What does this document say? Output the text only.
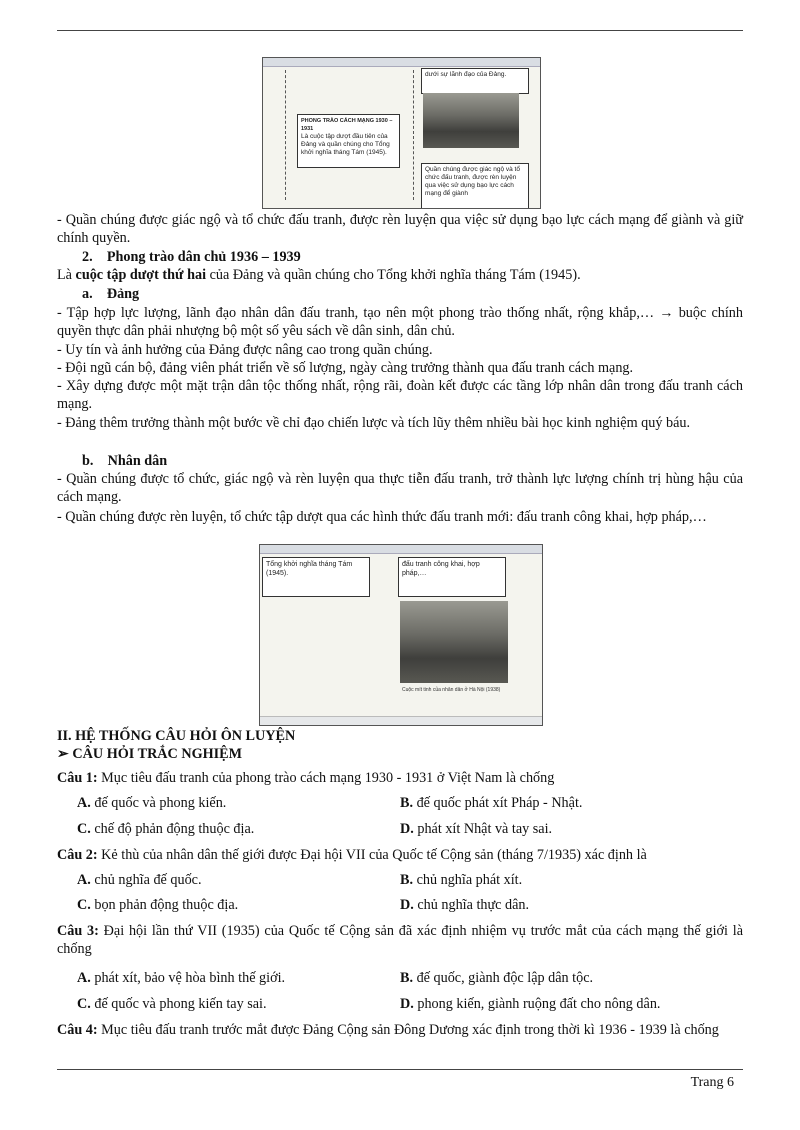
PHONG TRÀO CÁCH MẠNG 1930 – 1931
Là cuộc tập dượt đầu tiên của Đảng và quần chúng cho Tổng khởi nghĩa tháng Tám (1945).
dưới sự lãnh đạo của Đảng.
Quần chúng được giác ngộ và tổ chức đấu tranh, được rèn luyện qua việc sử dụng bạo lực cách mạng để giành
- Quần chúng được giác ngộ và tổ chức đấu tranh, được rèn luyện qua việc sử dụng bạo lực cách mạng để giành và giữ chính quyền.
2. Phong trào dân chủ 1936 – 1939
Là cuộc tập dượt thứ hai của Đảng và quần chúng cho Tổng khởi nghĩa tháng Tám (1945).
a. Đảng
- Tập hợp lực lượng, lãnh đạo nhân dân đấu tranh, tạo nên một phong trào thống nhất, rộng khắp,… → buộc chính quyền thực dân phải nhượng bộ một số yêu sách về dân sinh, dân chủ.
- Uy tín và ảnh hưởng của Đảng được nâng cao trong quần chúng.
- Đội ngũ cán bộ, đảng viên phát triển về số lượng, ngày càng trưởng thành qua đấu tranh cách mạng.
- Xây dựng được một mặt trận dân tộc thống nhất, rộng rãi, đoàn kết được các tầng lớp nhân dân trong đấu tranh cách mạng.
- Đảng thêm trưởng thành một bước về chỉ đạo chiến lược và tích lũy thêm nhiều bài học kinh nghiệm quý báu.
b. Nhân dân
- Quần chúng được tổ chức, giác ngộ và rèn luyện qua thực tiễn đấu tranh, trở thành lực lượng chính trị hùng hậu của cách mạng.
- Quần chúng được rèn luyện, tổ chức tập dượt qua các hình thức đấu tranh mới: đấu tranh công khai, hợp pháp,…
Tổng khởi nghĩa tháng Tám (1945).
đấu tranh công khai, hợp pháp,…
Cuộc mít tinh của nhân dân ở Hà Nội (1938)
II. HỆ THỐNG CÂU HỎI ÔN LUYỆN
➢ CÂU HỎI TRẮC NGHIỆM
Câu 1: Mục tiêu đấu tranh của phong trào cách mạng 1930 - 1931 ở Việt Nam là chống
A. đế quốc và phong kiến.	B. đế quốc phát xít Pháp - Nhật.
C. chế độ phản động thuộc địa.	D. phát xít Nhật và tay sai.
Câu 2: Kẻ thù của nhân dân thế giới được Đại hội VII của Quốc tế Cộng sản (tháng 7/1935) xác định là
A. chủ nghĩa đế quốc.	B. chủ nghĩa phát xít.
C. bọn phản động thuộc địa.	D. chủ nghĩa thực dân.
Câu 3: Đại hội lần thứ VII (1935) của Quốc tế Cộng sản đã xác định nhiệm vụ trước mắt của cách mạng thế giới là chống
A. phát xít, bảo vệ hòa bình thế giới.	B. đế quốc, giành độc lập dân tộc.
C. đế quốc và phong kiến tay sai.	D. phong kiến, giành ruộng đất cho nông dân.
Câu 4: Mục tiêu đấu tranh trước mắt được Đảng Cộng sản Đông Dương xác định trong thời kì 1936 - 1939 là chống
Trang 6
